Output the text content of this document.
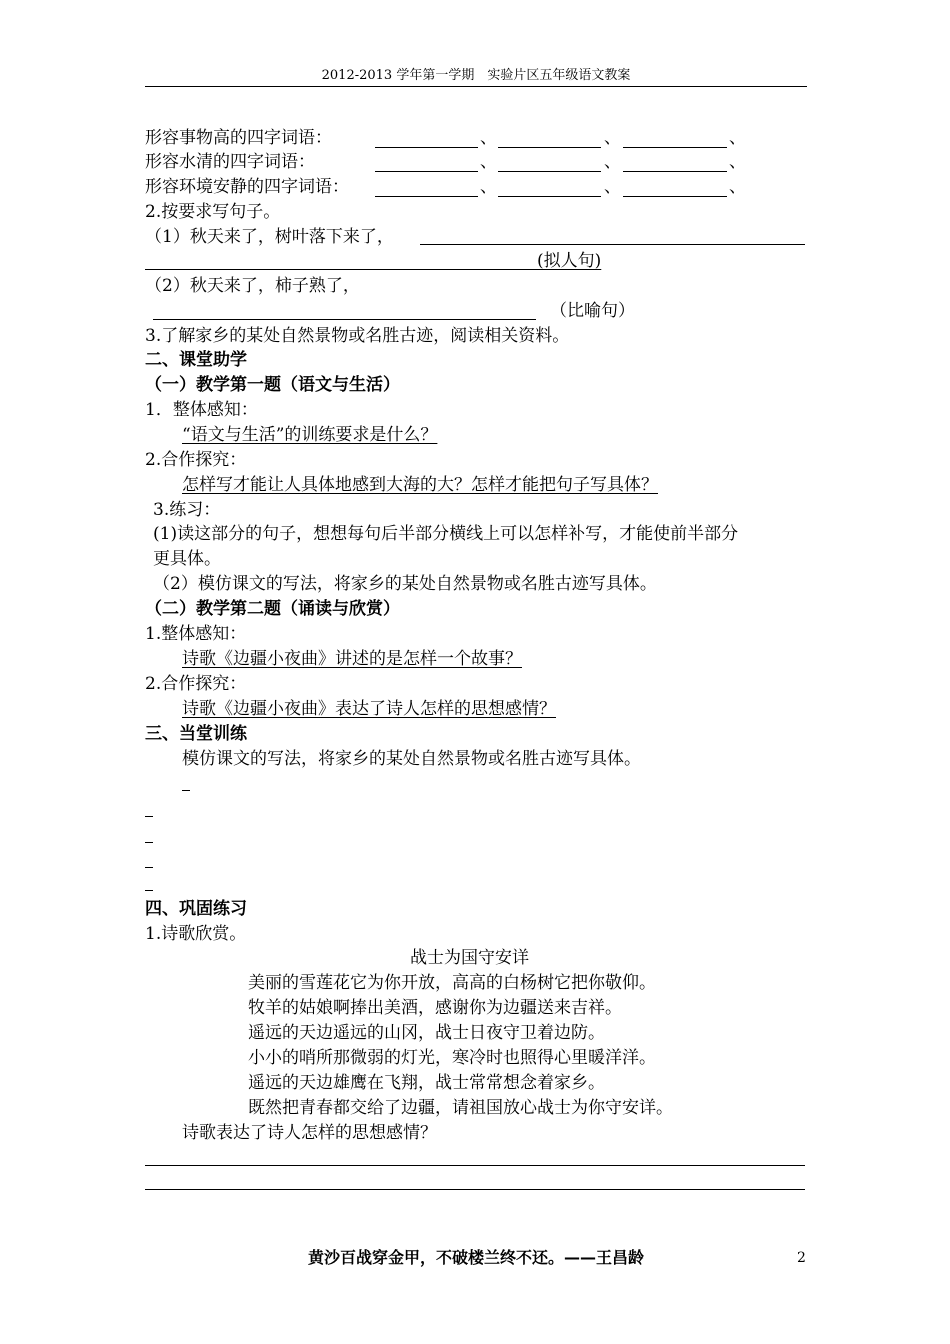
2012-2013 学年第一学期　实验片区五年级语文教案
形容事物高的四字词语：	、	、	、
形容水清的四字词语：	、	、	、
形容环境安静的四字词语：	、	、	、
2.按要求写句子。
（1）秋天来了，树叶落下来了，
(拟人句)
（2）秋天来了，柿子熟了，
（比喻句）
3.了解家乡的某处自然景物或名胜古迹，阅读相关资料。
二、课堂助学
（一）教学第一题（语文与生活）
1．整体感知：
“语文与生活”的训练要求是什么？
2.合作探究：
怎样写才能让人具体地感到大海的大？怎样才能把句子写具体？
3.练习：
(1)读这部分的句子，想想每句后半部分横线上可以怎样补写，才能使前半部分
更具体。
（2）模仿课文的写法，将家乡的某处自然景物或名胜古迹写具体。
（二）教学第二题（诵读与欣赏）
1.整体感知：
诗歌《边疆小夜曲》讲述的是怎样一个故事？
2.合作探究：
诗歌《边疆小夜曲》表达了诗人怎样的思想感情？
三、当堂训练
模仿课文的写法，将家乡的某处自然景物或名胜古迹写具体。
四、巩固练习
1.诗歌欣赏。
战士为国守安详
美丽的雪莲花它为你开放，高高的白杨树它把你敬仰。
牧羊的姑娘啊捧出美酒，感谢你为边疆送来吉祥。
遥远的天边遥远的山冈，战士日夜守卫着边防。
小小的哨所那微弱的灯光，寒冷时也照得心里暖洋洋。
遥远的天边雄鹰在飞翔，战士常常想念着家乡。
既然把青春都交给了边疆，请祖国放心战士为你守安详。
诗歌表达了诗人怎样的思想感情？
黄沙百战穿金甲，不破楼兰终不还。——王昌龄	2
